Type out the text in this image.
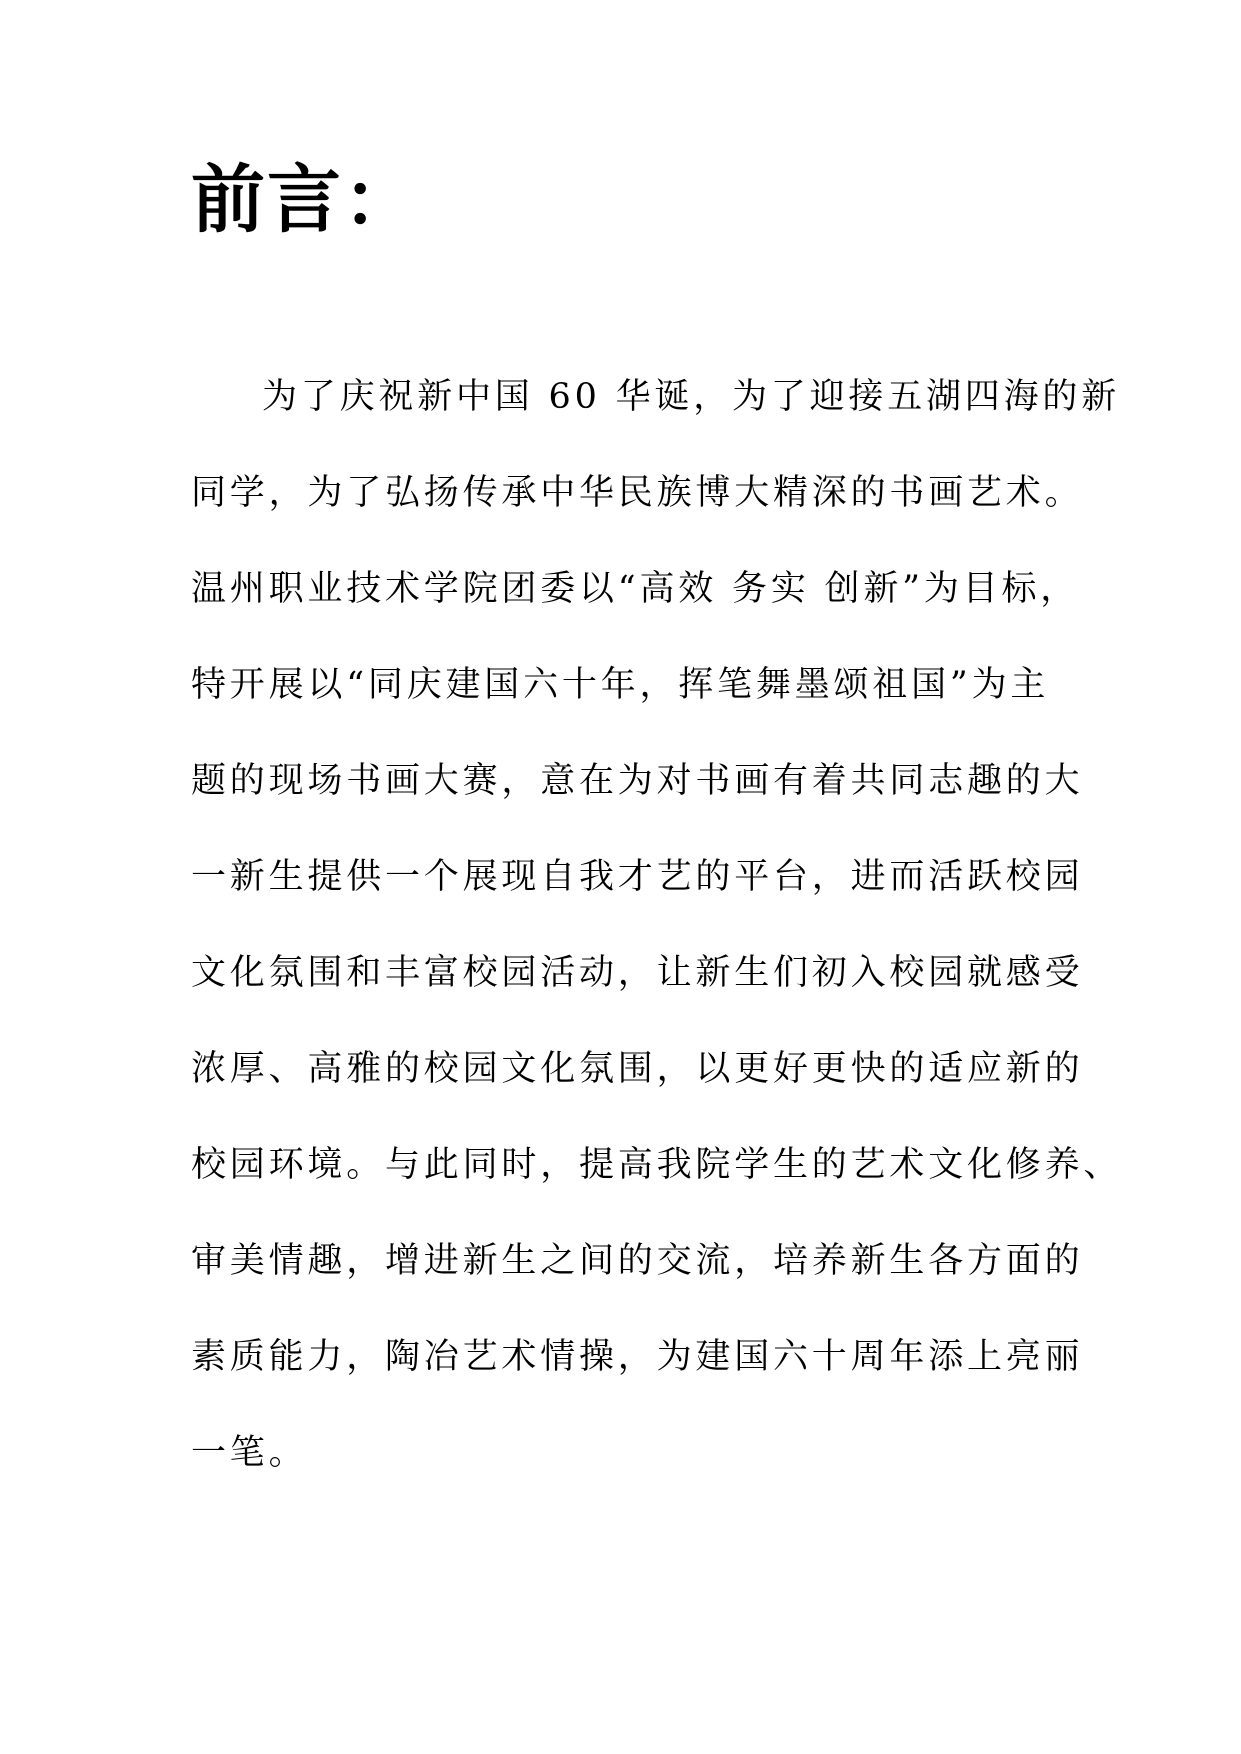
前言：
为了庆祝新中国 60 华诞，为了迎接五湖四海的新
同学，为了弘扬传承中华民族博大精深的书画艺术。
温州职业技术学院团委以“高效 务实 创新”为目标，
特开展以“同庆建国六十年，挥笔舞墨颂祖国”为主
题的现场书画大赛，意在为对书画有着共同志趣的大
一新生提供一个展现自我才艺的平台，进而活跃校园
文化氛围和丰富校园活动，让新生们初入校园就感受
浓厚、高雅的校园文化氛围，以更好更快的适应新的
校园环境。与此同时，提高我院学生的艺术文化修养、
审美情趣，增进新生之间的交流，培养新生各方面的
素质能力，陶冶艺术情操，为建国六十周年添上亮丽
一笔。
